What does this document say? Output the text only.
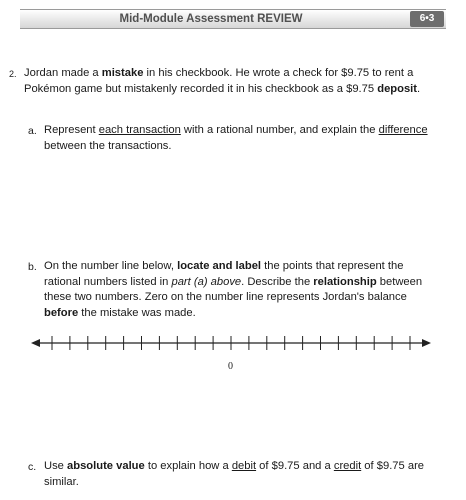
Mid-Module Assessment REVIEW	6•3
2. Jordan made a mistake in his checkbook. He wrote a check for $9.75 to rent a Pokémon game but mistakenly recorded it in his checkbook as a $9.75 deposit.
a. Represent each transaction with a rational number, and explain the difference between the transactions.
b. On the number line below, locate and label the points that represent the rational numbers listed in part (a) above. Describe the relationship between these two numbers. Zero on the number line represents Jordan's balance before the mistake was made.
0
c. Use absolute value to explain how a debit of $9.75 and a credit of $9.75 are similar.
